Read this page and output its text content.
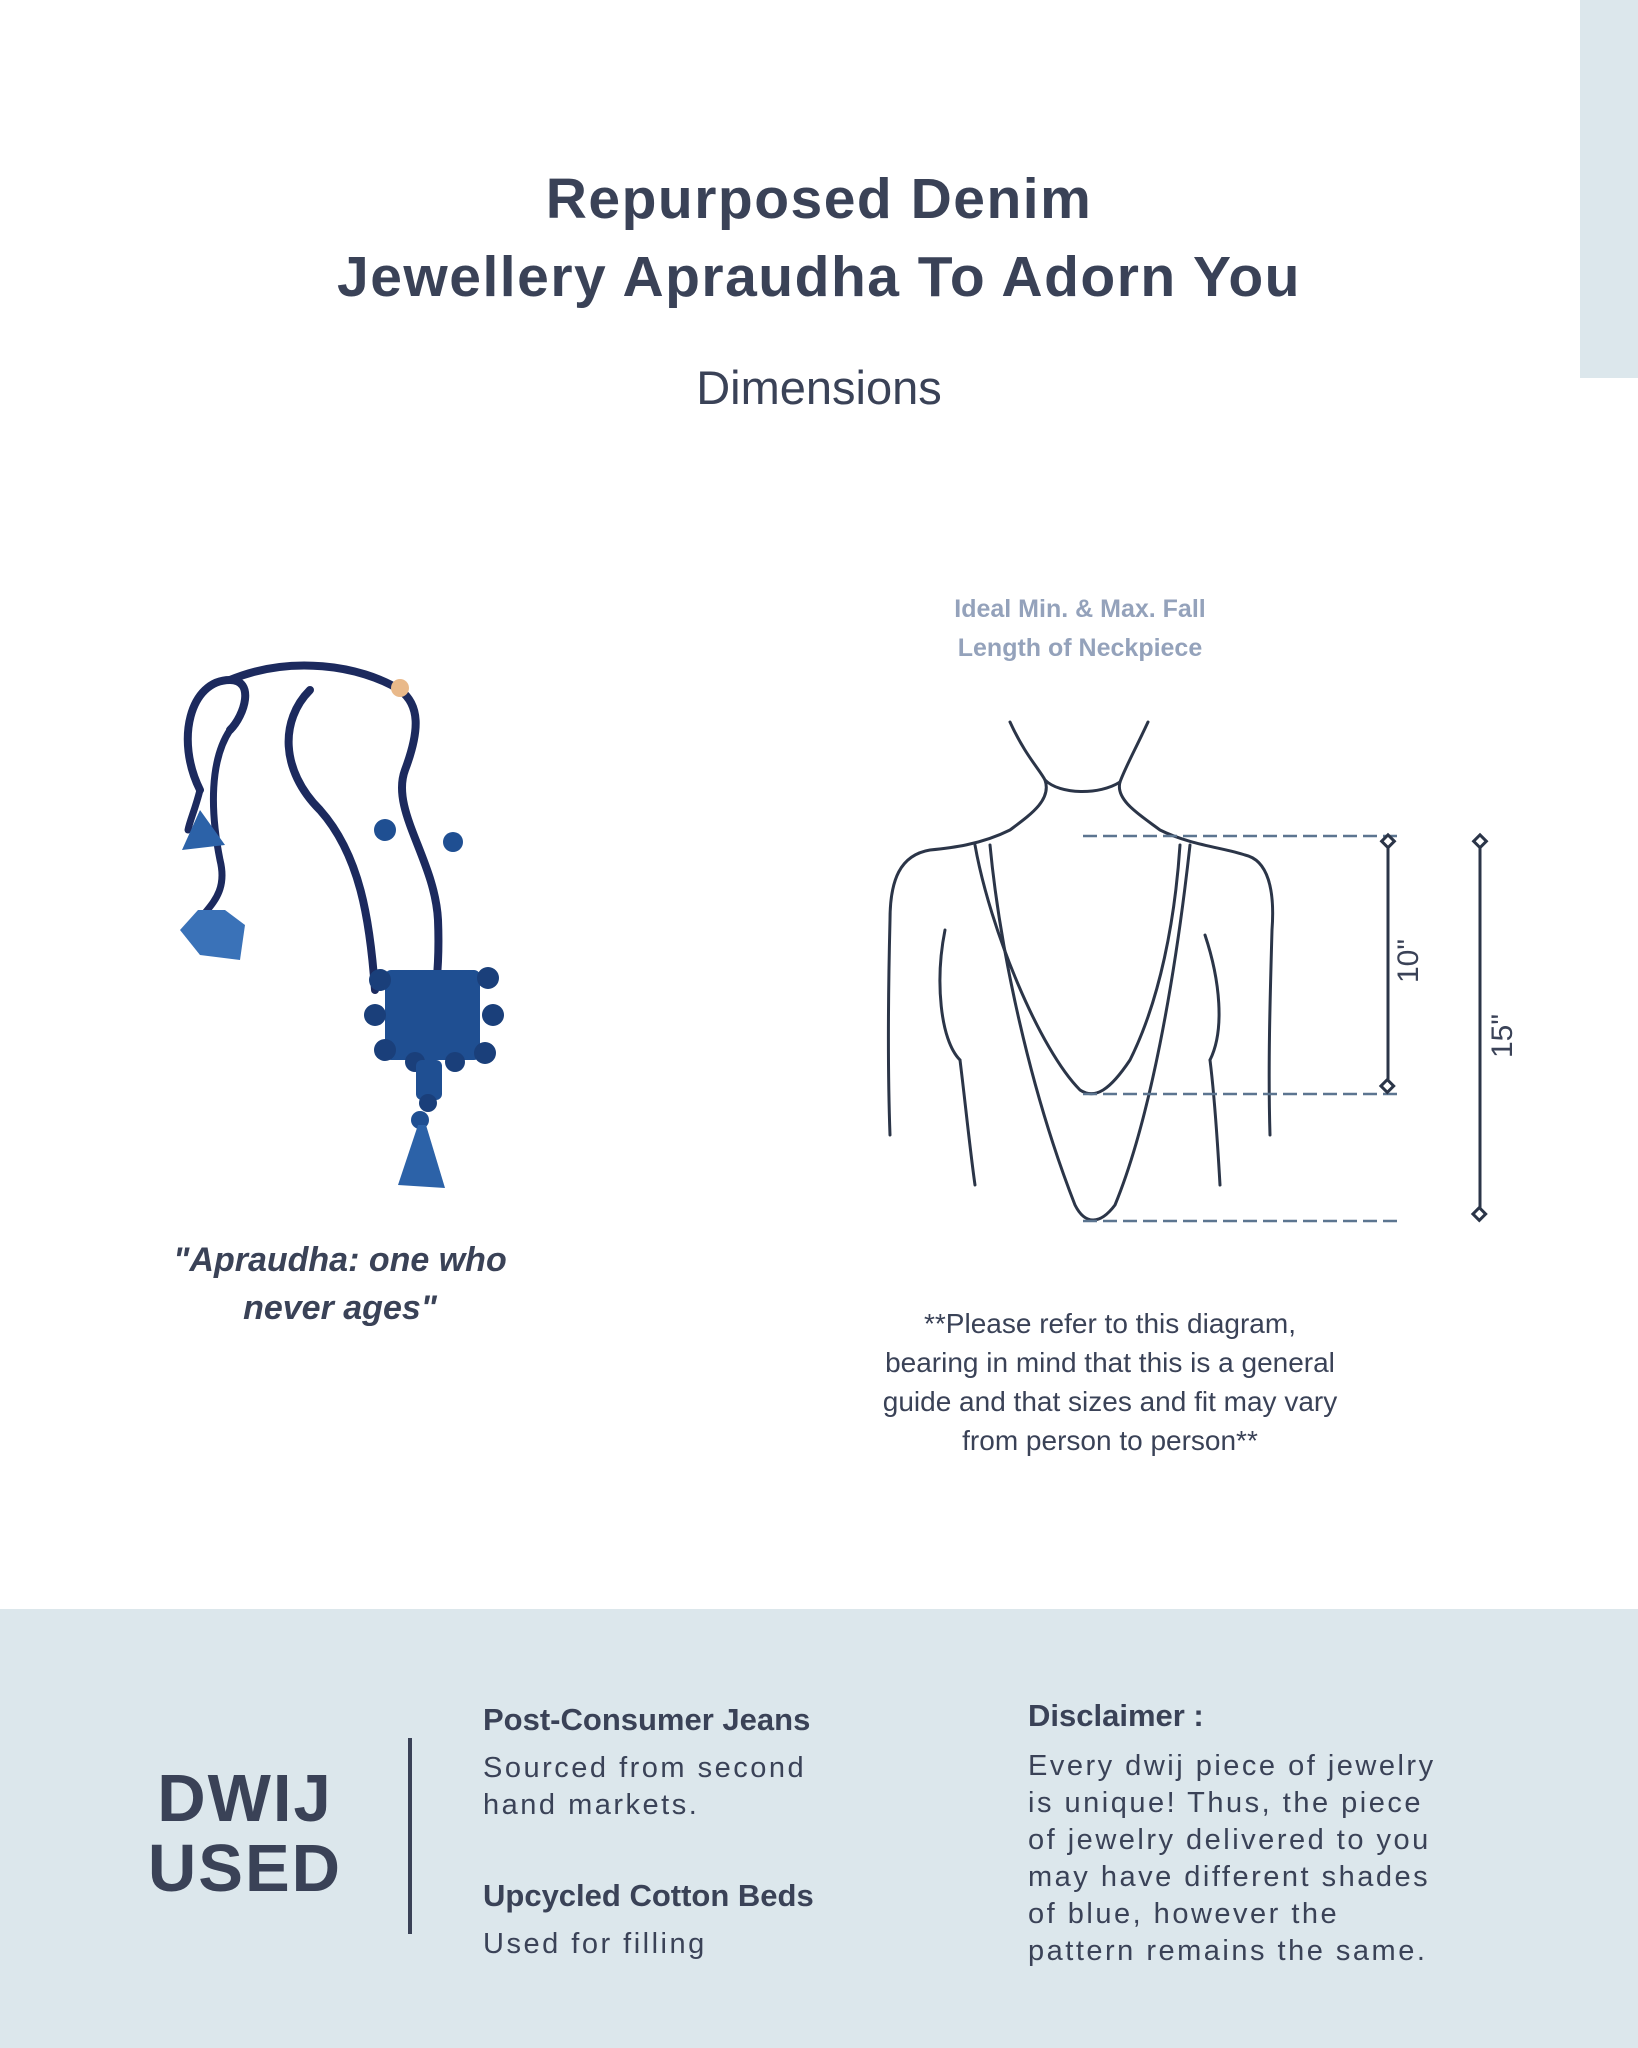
Repurposed Denim
Jewellery Apraudha To Adorn You
Dimensions
"Apraudha: one who
never ages"
Ideal Min. & Max. Fall
Length of Neckpiece
10"
15"
**Please refer to this diagram,
bearing in mind that this is a general
guide and that sizes and fit may vary
from person to person**
DWIJ
USED
Post-Consumer Jeans
Sourced from second
hand markets.
Upcycled Cotton Beds
Used for filling
Disclaimer :
Every dwij piece of jewelry
is unique! Thus, the piece
of jewelry delivered to you
may have different shades
of blue, however the
pattern remains the same.
